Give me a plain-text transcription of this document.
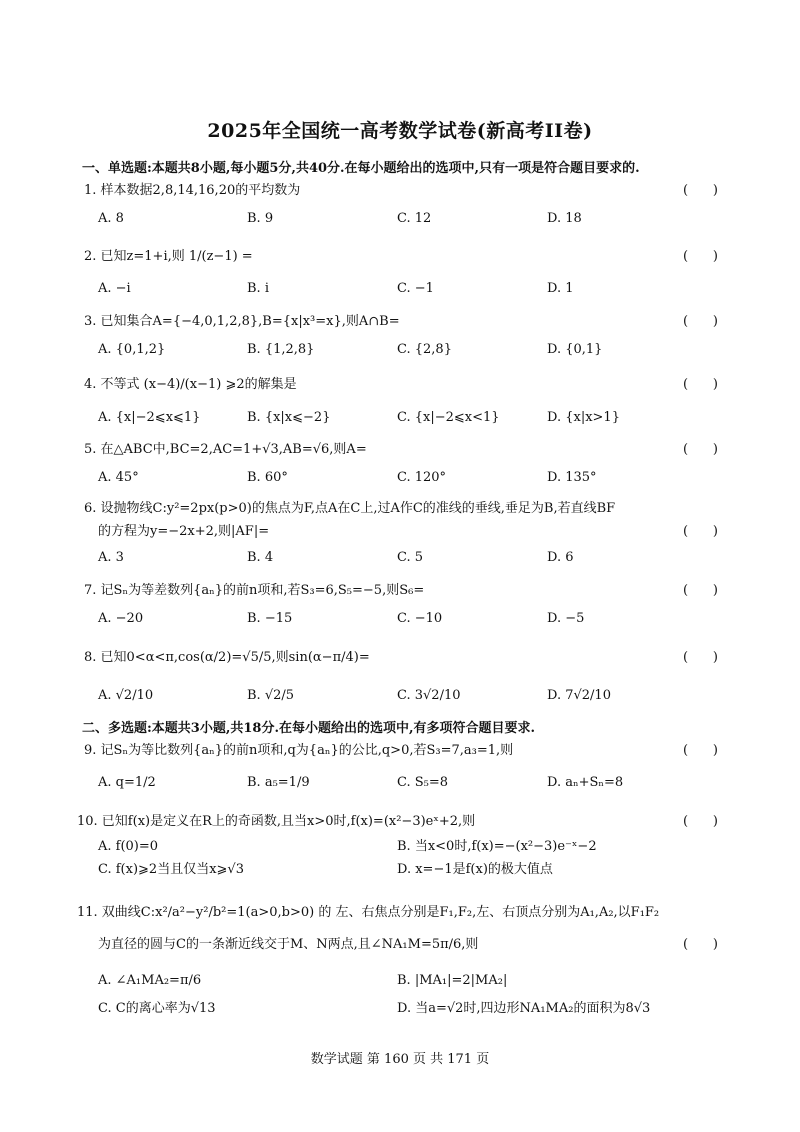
2025年全国统一高考数学试卷(新高考II卷)
一、单选题:本题共8小题,每小题5分,共40分.在每小题给出的选项中,只有一项是符合题目要求的.
1. 样本数据2,8,14,16,20的平均数为	(      )
A. 8	B. 9	C. 12	D. 18
2. 已知z=1+i,则 1/(z−1) =	(      )
A. −i	B. i	C. −1	D. 1
3. 已知集合A={−4,0,1,2,8},B={x|x³=x},则A∩B=	(      )
A. {0,1,2}	B. {1,2,8}	C. {2,8}	D. {0,1}
4. 不等式 (x−4)/(x−1) ⩾2的解集是	(      )
A. {x|−2⩽x⩽1}	B. {x|x⩽−2}	C. {x|−2⩽x<1}	D. {x|x>1}
5. 在△ABC中,BC=2,AC=1+√3,AB=√6,则A=	(      )
A. 45°	B. 60°	C. 120°	D. 135°
6. 设抛物线C:y²=2px(p>0)的焦点为F,点A在C上,过A作C的准线的垂线,垂足为B,若直线BF
的方程为y=−2x+2,则|AF|=	(      )
A. 3	B. 4	C. 5	D. 6
7. 记Sₙ为等差数列{aₙ}的前n项和,若S₃=6,S₅=−5,则S₆=	(      )
A. −20	B. −15	C. −10	D. −5
8. 已知0<α<π,cos(α/2)=√5/5,则sin(α−π/4)=	(      )
A. √2/10	B. √2/5	C. 3√2/10	D. 7√2/10
二、多选题:本题共3小题,共18分.在每小题给出的选项中,有多项符合题目要求.
9. 记Sₙ为等比数列{aₙ}的前n项和,q为{aₙ}的公比,q>0,若S₃=7,a₃=1,则	(      )
A. q=1/2	B. a₅=1/9	C. S₅=8	D. aₙ+Sₙ=8
10. 已知f(x)是定义在R上的奇函数,且当x>0时,f(x)=(x²−3)eˣ+2,则	(      )
A. f(0)=0	B. 当x<0时,f(x)=−(x²−3)e⁻ˣ−2
C. f(x)⩾2当且仅当x⩾√3	D. x=−1是f(x)的极大值点
11. 双曲线C:x²/a²−y²/b²=1(a>0,b>0) 的 左、右焦点分别是F₁,F₂,左、右顶点分别为A₁,A₂,以F₁F₂
为直径的圆与C的一条渐近线交于M、N两点,且∠NA₁M=5π/6,则	(      )
A. ∠A₁MA₂=π/6	B. |MA₁|=2|MA₂|
C. C的离心率为√13	D. 当a=√2时,四边形NA₁MA₂的面积为8√3
数学试题 第 160 页 共 171 页
